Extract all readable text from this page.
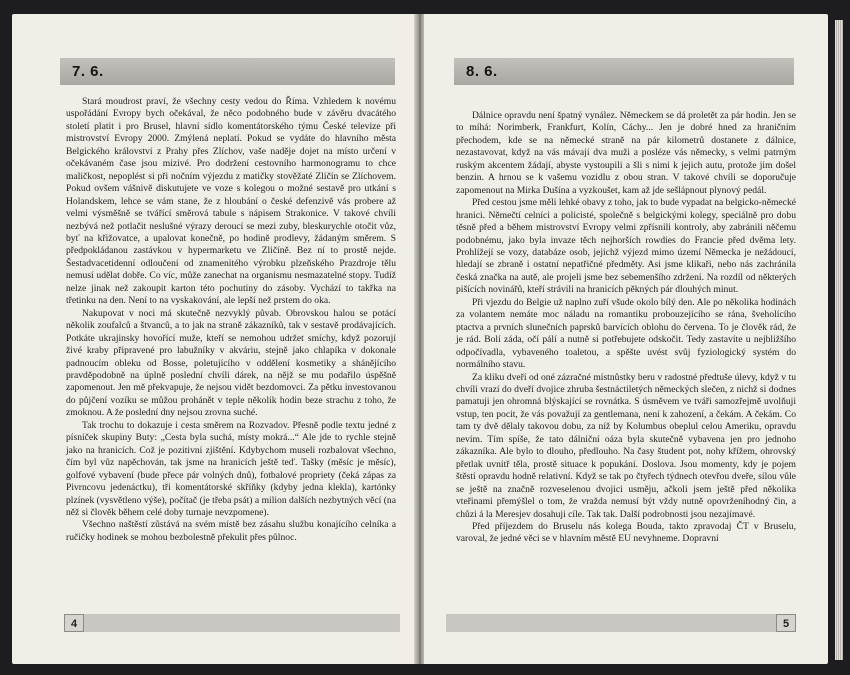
7. 6.

Stará moudrost praví, že všechny cesty vedou do Říma. Vzhledem k novému uspořádání Evropy bych očekával, že něco podobného bude v závěru dvacátého století platit i pro Brusel, hlavní sídlo komentátorského týmu České televize při mistrovství Evropy 2000. Zmýlená neplatí. Pokud se vydáte do hlavního města Belgického království z Prahy přes Zlíchov, vaše naděje dojet na místo určení v očekávaném čase jsou mizivé. Pro dodržení cestovního harmonogramu to chce maličkost, nepoplést si při nočním výjezdu z matičky stověžaté Zličín se Zlíchovem. Pokud ovšem vášnivě diskutujete ve voze s kolegou o možné sestavě pro utkání s Holandskem, lehce se vám stane, že z hloubání o české defenzivě vás probere až velmi výsměšně se tvářící směrová tabule s nápisem Strakonice. V takové chvíli nezbývá než potlačit neslušné výrazy deroucí se mezi zuby, bleskurychle otočit vůz, byť na křižovatce, a upalovat konečně, po hodině prodlevy, žádaným směrem. S předpokládanou zastávkou v hypermarketu ve Zličíně. Bez ní to prostě nejde. Šestadvacetidenní odloučení od znamenitého výrobku plzeňského Prazdroje tělu nemusí udělat dobře. Co víc, může zanechat na organismu nesmazatelné stopy. Tudíž nelze jinak než zakoupit karton této pochutiny do zásoby. Vychází to takřka na třetinku na den. Není to na vyskakování, ale lepší než prstem do oka.

Nakupovat v noci má skutečně nezvyklý půvab. Obrovskou halou se potácí několik zoufalců a štvanců, a to jak na straně zákazníků, tak v sestavě prodávajících. Potkáte ukrajinsky hovořící muže, kteří se nemohou udržet smíchy, když pozorují živé kraby připravené pro labužníky v akváriu, stejně jako chlapíka v dokonale padnoucím obleku od Bosse, poletujícího v oddělení kosmetiky a shánějícího pravděpodobně na úplně poslední chvíli dárek, na nějž se mu podařilo úspěšně zapomenout. Jen mě překvapuje, že nejsou vidět bezdomovci. Za pětku investovanou do půjčení vozíku se můžou prohánět v teple několik hodin beze strachu z toho, že zmoknou. A že poslední dny nejsou zrovna suché.

Tak trochu to dokazuje i cesta směrem na Rozvadov. Přesně podle textu jedné z písniček skupiny Buty: „Cesta byla suchá, místy mokrá...“ Ale jde to rychle stejně jako na hranicích. Což je pozitivní zjištění. Kdybychom museli rozbalovat všechno, čím byl vůz napěchován, tak jsme na hranicích ještě teď. Tašky (měsíc je měsíc), golfové vybavení (bude přece pár volných dnů), fotbalové propriety (čeká zápas za Pivrncovu jedenáctku), tři komentátorské skříňky (kdyby jedna klekla), kartónky plzínek (vysvětleno výše), počítač (je třeba psát) a milion dalších nezbytných věcí (na něž si člověk během celé doby turnaje nevzpomene).

Všechno naštěstí zůstává na svém místě bez zásahu službu konajícího celníka a ručičky hodinek se mohou bezbolestně překulit přes půlnoc.

4
8. 6.

Dálnice opravdu není špatný vynález. Německem se dá proletět za pár hodin. Jen se to míhá: Norimberk, Frankfurt, Kolín, Cáchy... Jen je dobré hned za hraničním přechodem, kde se na německé straně na pár kilometrů dostanete z dálnice, nezastavovat, když na vás mávají dva muži a posléze vás německy, s velmi patrným ruským akcentem žádají, abyste vystoupili a šli s nimi k jejich autu, protože jim došel benzin. A hrnou se k vašemu vozidlu z obou stran. V takové chvíli se doporučuje zapomenout na Mirka Dušína a vyzkoušet, kam až jde sešlápnout plynový pedál.

Před cestou jsme měli lehké obavy z toho, jak to bude vypadat na belgicko-německé hranici. Němečtí celníci a policisté, společně s belgickými kolegy, speciálně pro dobu těsně před a během mistrovství Evropy velmi zpřísnili kontroly, aby zabránili něčemu podobnému, jako byla invaze těch nejhorších rowdies do Francie před dvěma lety. Prohlížejí se vozy, databáze osob, jejichž výjezd mimo území Německa je nežádoucí, hledají se zbraně i ostatní nepatřičné předměty. Asi jsme klikaři, nebo nás zachránila česká značka na autě, ale projeli jsme bez sebemenšího zdržení. Na rozdíl od některých pišících novinářů, kteří strávili na hranicích pěkných pár dlouhých minut.

Při vjezdu do Belgie už naplno zuří všude okolo bílý den. Ale po několika hodinách za volantem nemáte moc náladu na romantiku probouzejícího se rána, šveholícího ptactva a prvních slunečních paprsků barvících oblohu do červena. To je člověk rád, že je rád. Bolí záda, očí pálí a nutně si potřebujete odskočit. Tedy zastavíte u nejbližšího odpočívadla, vybaveného toaletou, a spěšte uvést svůj fyziologický systém do normálního stavu.

Za kliku dveří od oné zázračné místnůstky beru v radostné předtuše úlevy, když v tu chvíli vrazí do dveří dvojice zhruba šestnáctiletých německých slečen, z nichž si dodnes pamatuji jen ohromná blýskající se rovnátka. S úsměvem ve tváři samozřejmě uvolňuji vstup, ten pocit, že vás považují za gentlemana, není k zahození, a čekám. A čekám. Co tam ty dvě dělaly takovou dobu, za níž by Kolumbus obeplul celou Ameriku, opravdu nevím. Tím spíše, že tato dálniční oáza byla skutečně vybavena jen pro jednoho zákazníka. Ale bylo to dlouho, předlouho. Na časy študent pot, nohy křížem, ohrovský přetlak uvnitř těla, prostě situace k popukání. Doslova. Jsou momenty, kdy je pojem štěstí opravdu hodně relativní. Když se tak po čtyřech týdnech otevřou dveře, sílou vůle se ještě na značně rozveselenou dvojici usměju, ačkoli jsem ještě před několika vteřinami přemýšlel o tom, že vražda nemusí být vždy nutně opovrženíhodný čin, a chůzi á la Meresjev dosahuji cíle. Tak tak. Další podrobnosti jsou nezajímavé.

Před příjezdem do Bruselu nás kolega Bouda, takto zpravodaj ČT v Bruselu, varoval, že jedné věci se v hlavním městě EU nevyhneme. Dopravní

5
